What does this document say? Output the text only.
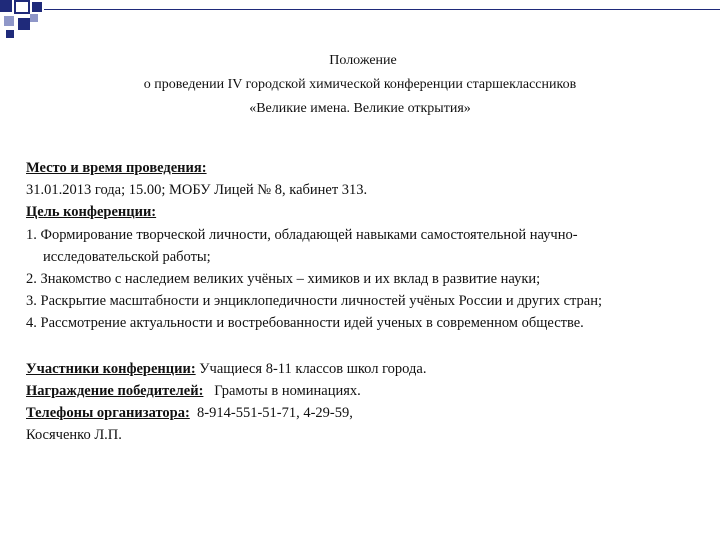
Положение
о проведении IV городской химической конференции старшеклассников
«Великие имена. Великие открытия»
Место и время проведения:
31.01.2013 года; 15.00; МОБУ Лицей № 8, кабинет 313.
Цель конференции:
1. Формирование творческой личности, обладающей навыками самостоятельной научно-
исследовательской работы;
2. Знакомство с наследием великих учёных – химиков и их вклад в развитие науки;
3. Раскрытие масштабности и энциклопедичности личностей учёных России и других стран;
4. Рассмотрение актуальности и востребованности идей ученых в современном обществе.
Участники конференции: Учащиеся 8-11 классов школ города.
Награждение победителей:   Грамоты в номинациях.
Телефоны организатора:  8-914-551-51-71, 4-29-59,
Косяченко Л.П.
